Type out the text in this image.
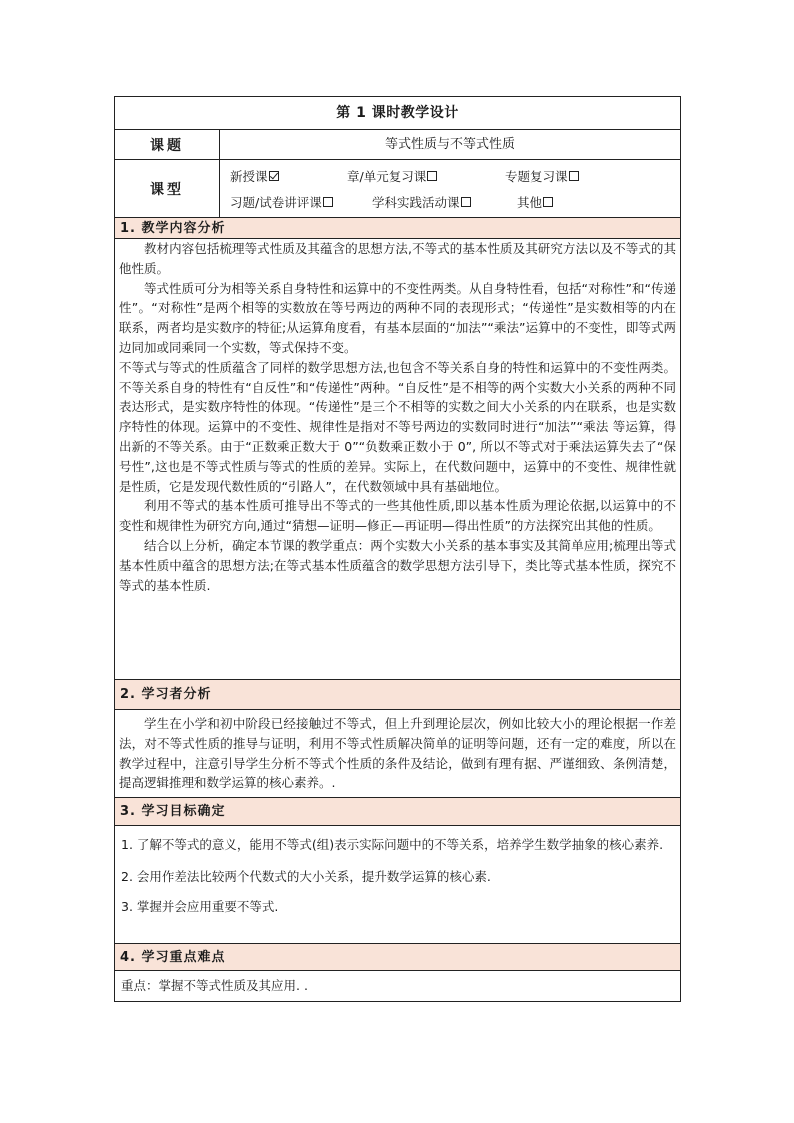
第 1 课时教学设计
课题	等式性质与不等式性质
课型
新授课	章/单元复习课	专题复习课
习题/试卷讲评课	学科实践活动课	其他
1. 教学内容分析

教材内容包括梳理等式性质及其蕴含的思想方法,不等式的基本性质及其研究方法以及不等式的其他性质。

等式性质可分为相等关系自身特性和运算中的不变性两类。从自身特性看，包括“对称性”和“传递性”。“对称性”是两个相等的实数放在等号两边的两种不同的表现形式；“传递性”是实数相等的内在联系，两者均是实数序的特征;从运算角度看，有基本层面的“加法”“乘法”运算中的不变性，即等式两边同加或同乘同一个实数，等式保持不变。

不等式与等式的性质蕴含了同样的数学思想方法,也包含不等关系自身的特性和运算中的不变性两类。不等关系自身的特性有“自反性”和“传递性”两种。“自反性”是不相等的两个实数大小关系的两种不同表达形式，是实数序特性的体现。“传递性”是三个不相等的实数之间大小关系的内在联系，也是实数序特性的体现。运算中的不变性、规律性是指对不等号两边的实数同时进行“加法”“乘法 等运算，得出新的不等关系。由于“正数乘正数大于 0”“负数乘正数小于 0”, 所以不等式对于乘法运算失去了“保号性”,这也是不等式性质与等式的性质的差异。实际上，在代数问题中，运算中的不变性、规律性就是性质，它是发现代数性质的“引路人”，在代数领域中具有基础地位。

利用不等式的基本性质可推导出不等式的一些其他性质,即以基本性质为理论依据,以运算中的不变性和规律性为研究方向,通过“猜想—证明—修正—再证明—得出性质”的方法探究出其他的性质。

结合以上分析，确定本节课的教学重点：两个实数大小关系的基本事实及其简单应用;梳理出等式基本性质中蕴含的思想方法;在等式基本性质蕴含的数学思想方法引导下，类比等式基本性质，探究不等式的基本性质.

2. 学习者分析

学生在小学和初中阶段已经接触过不等式，但上升到理论层次，例如比较大小的理论根据一作差法，对不等式性质的推导与证明，利用不等式性质解决简单的证明等问题，还有一定的难度，所以在教学过程中，注意引导学生分析不等式个性质的条件及结论，做到有理有据、严谨细致、条例清楚，提高逻辑推理和数学运算的核心素养。.

3. 学习目标确定

1. 了解不等式的意义，能用不等式(组)表示实际问题中的不等关系，培养学生数学抽象的核心素养.

2. 会用作差法比较两个代数式的大小关系，提升数学运算的核心素.

3. 掌握并会应用重要不等式.

4. 学习重点难点
重点：掌握不等式性质及其应用. .
